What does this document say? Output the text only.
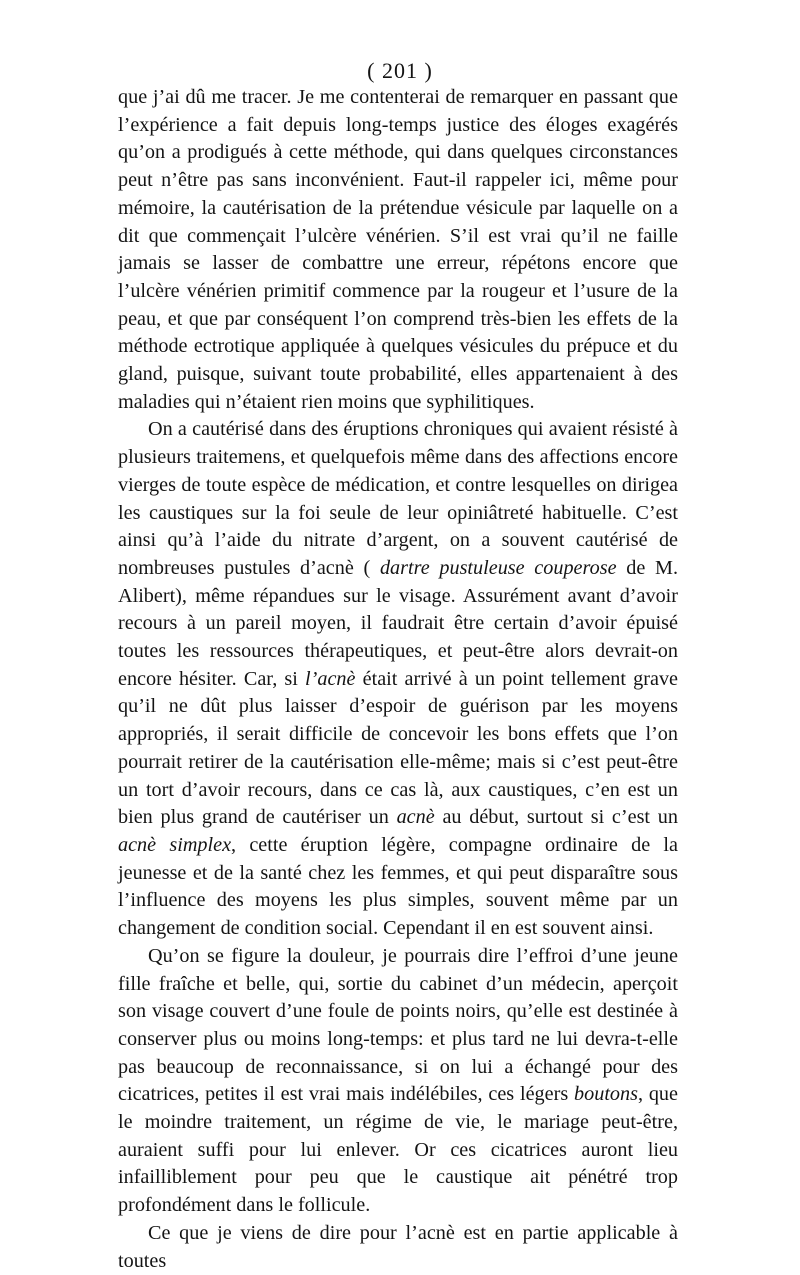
( 201 )

que j’ai dû me tracer. Je me contenterai de remarquer en passant que l’expérience a fait depuis long-temps justice des éloges exagérés qu’on a prodigués à cette méthode, qui dans quelques circonstances peut n’être pas sans inconvénient. Faut-il rappeler ici, même pour mémoire, la cautérisation de la prétendue vésicule par laquelle on a dit que commençait l’ulcère vénérien. S’il est vrai qu’il ne faille jamais se lasser de combattre une erreur, répétons encore que l’ulcère vénérien primitif commence par la rougeur et l’usure de la peau, et que par conséquent l’on comprend très-bien les effets de la méthode ectrotique appliquée à quelques vésicules du prépuce et du gland, puisque, suivant toute probabilité, elles appartenaient à des maladies qui n’étaient rien moins que syphilitiques.

On a cautérisé dans des éruptions chroniques qui avaient résisté à plusieurs traitemens, et quelquefois même dans des affections encore vierges de toute espèce de médication, et contre lesquelles on dirigea les caustiques sur la foi seule de leur opiniâtreté habituelle. C’est ainsi qu’à l’aide du nitrate d’argent, on a souvent cautérisé de nombreuses pustules d’acnè ( dartre pustuleuse couperose de M. Alibert), même répandues sur le visage. Assurément avant d’avoir recours à un pareil moyen, il faudrait être certain d’avoir épuisé toutes les ressources thérapeutiques, et peut-être alors devrait-on encore hésiter. Car, si l’acnè était arrivé à un point tellement grave qu’il ne dût plus laisser d’espoir de guérison par les moyens appropriés, il serait difficile de concevoir les bons effets que l’on pourrait retirer de la cautérisation elle-même; mais si c’est peut-être un tort d’avoir recours, dans ce cas là, aux caustiques, c’en est un bien plus grand de cautériser un acnè au début, surtout si c’est un acnè simplex, cette éruption légère, compagne ordinaire de la jeunesse et de la santé chez les femmes, et qui peut disparaître sous l’influence des moyens les plus simples, souvent même par un changement de condition social. Cependant il en est souvent ainsi.

Qu’on se figure la douleur, je pourrais dire l’effroi d’une jeune fille fraîche et belle, qui, sortie du cabinet d’un médecin, aperçoit son visage couvert d’une foule de points noirs, qu’elle est destinée à conserver plus ou moins long-temps: et plus tard ne lui devra-t-elle pas beaucoup de reconnaissance, si on lui a échangé pour des cicatrices, petites il est vrai mais indélébiles, ces légers boutons, que le moindre traitement, un régime de vie, le mariage peut-être, auraient suffi pour lui enlever. Or ces cicatrices auront lieu infailliblement pour peu que le caustique ait pénétré trop profondément dans le follicule.

Ce que je viens de dire pour l’acnè est en partie applicable à toutes
